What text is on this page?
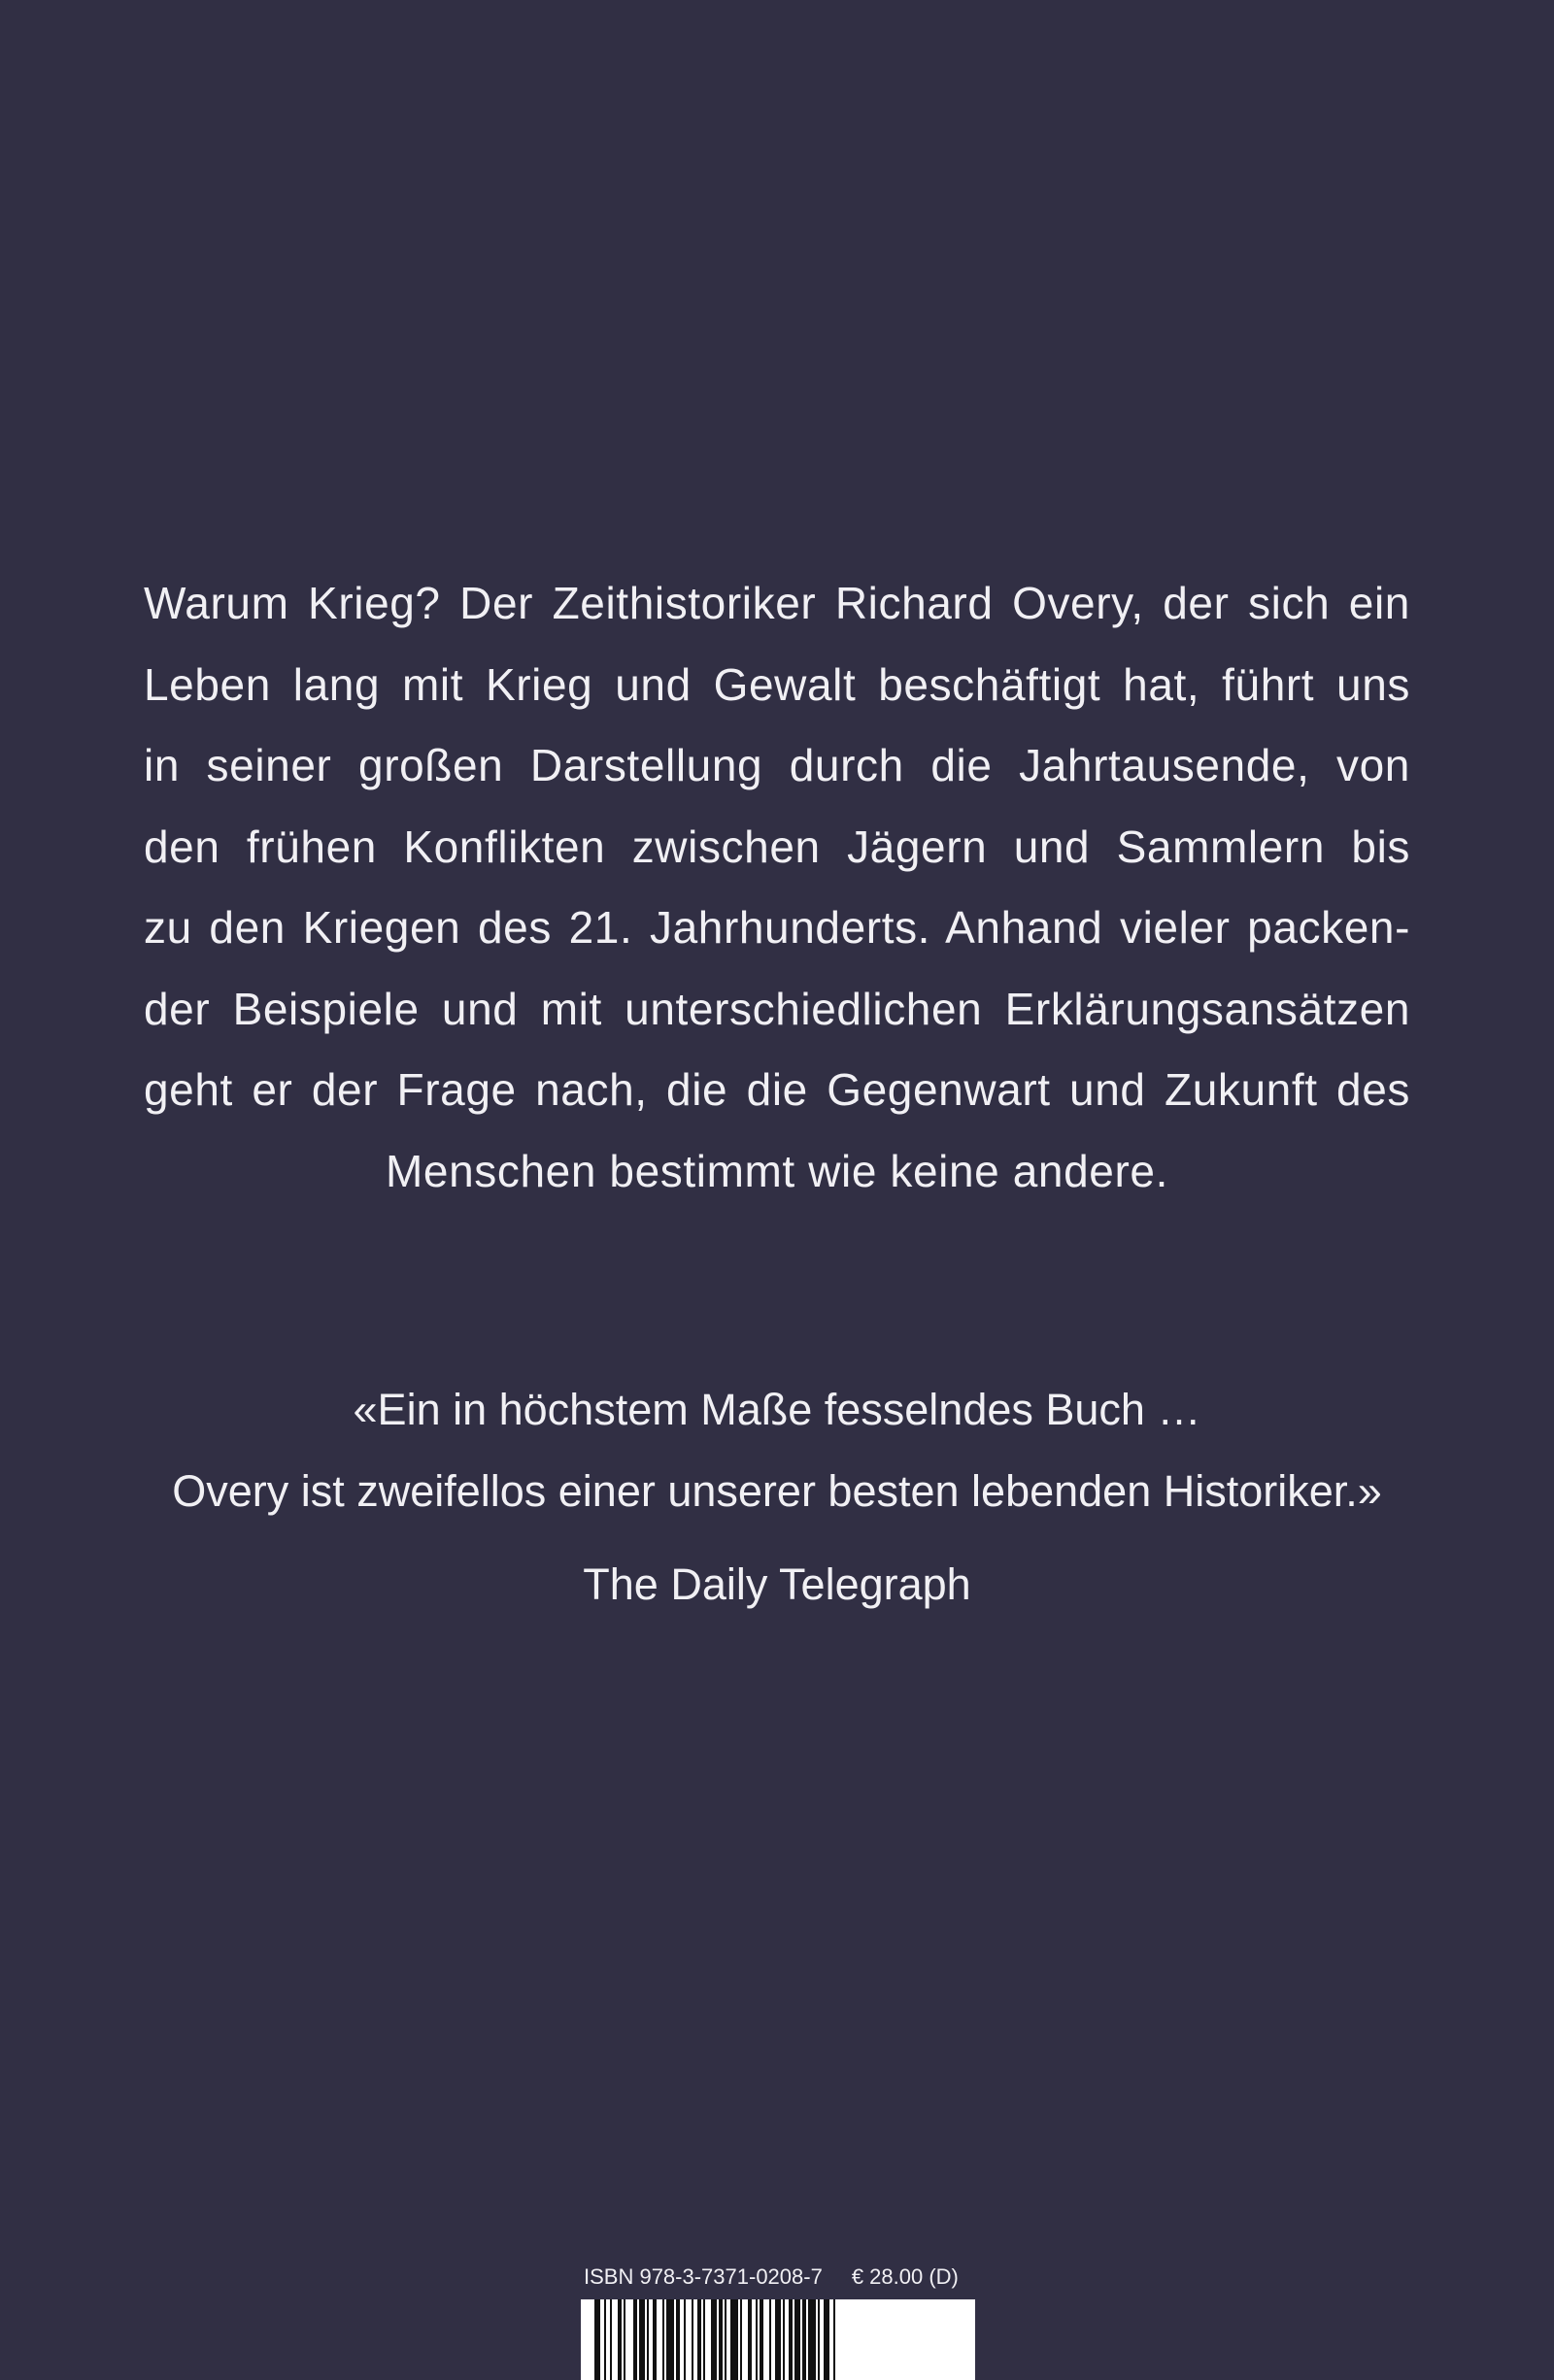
Warum Krieg? Der Zeithistoriker Richard Overy, der sich ein
Leben lang mit Krieg und Gewalt beschäftigt hat, führt uns
in seiner großen Darstellung durch die Jahrtausende, von
den frühen Konflikten zwischen Jägern und Sammlern bis
zu den Kriegen des 21. Jahrhunderts. Anhand vieler packen-
der Beispiele und mit unterschiedlichen Erklärungsansätzen
geht er der Frage nach, die die Gegenwart und Zukunft des
Menschen bestimmt wie keine andere.
«Ein in höchstem Maße fesselndes Buch …
Overy ist zweifellos einer unserer besten lebenden Historiker.»
The Daily Telegraph
ISBN 978-3-7371-0208-7 € 28.00 (D)
